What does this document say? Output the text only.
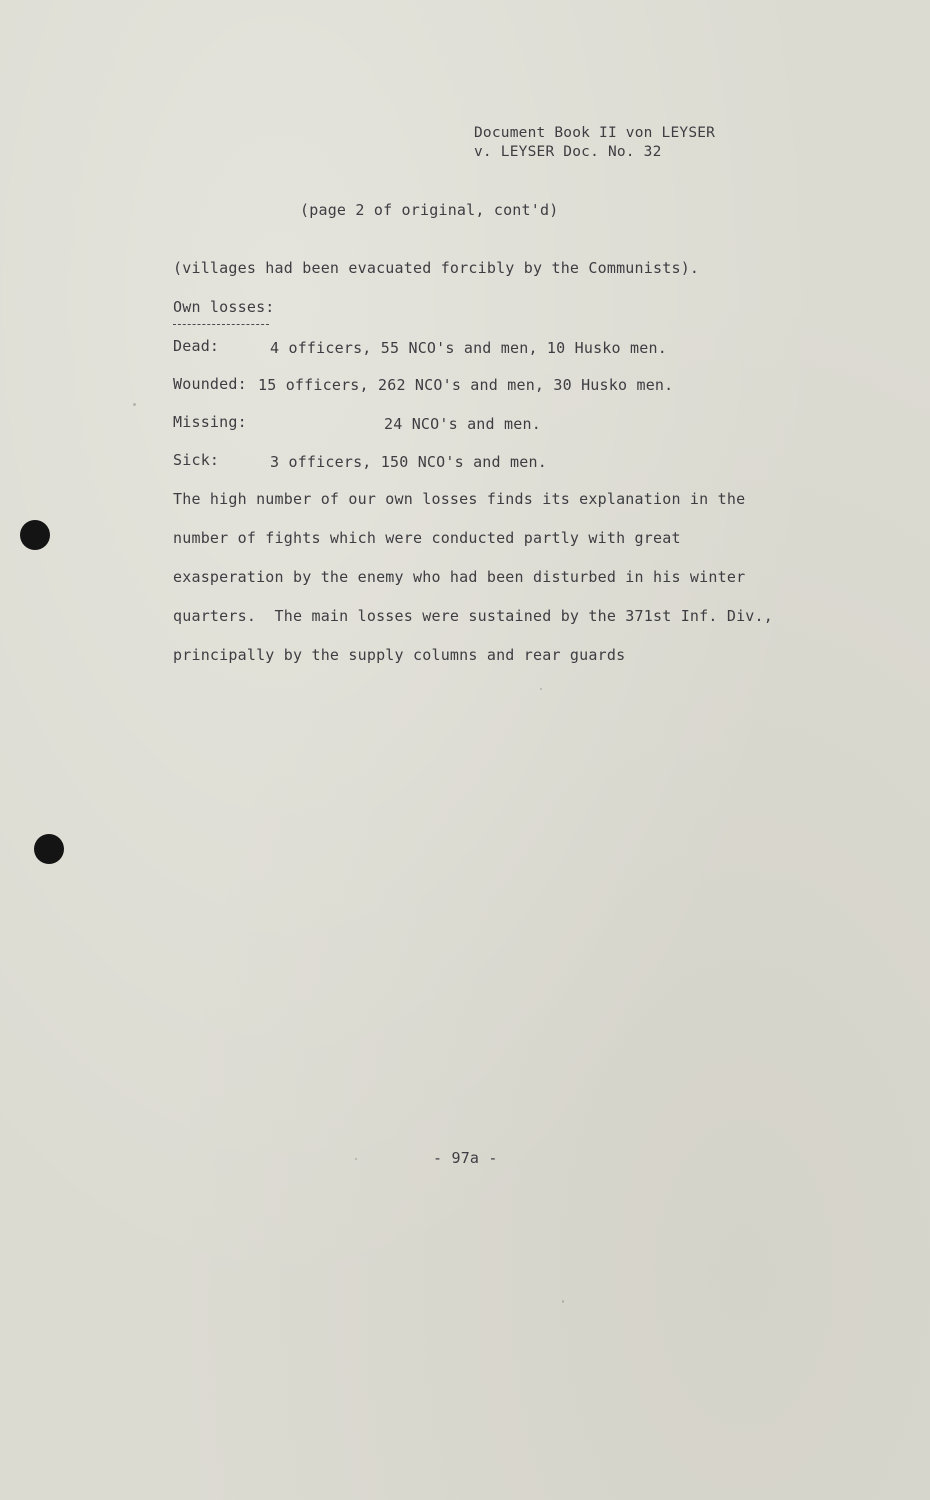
Document Book II von LEYSER
v. LEYSER Doc. No. 32
(page 2 of original, cont'd)
(villages had been evacuated forcibly by the Communists).
Own losses:
Dead:	4 officers, 55 NCO's and men, 10 Husko men.
Wounded: 15 officers, 262 NCO's and men, 30 Husko men.
Missing:	24 NCO's and men.
Sick:	3 officers, 150 NCO's and men.
The high number of our own losses finds its explanation in the
number of fights which were conducted partly with great
exasperation by the enemy who had been disturbed in his winter
quarters.  The main losses were sustained by the 371st Inf. Div.,
principally by the supply columns and rear guards
- 97a -
